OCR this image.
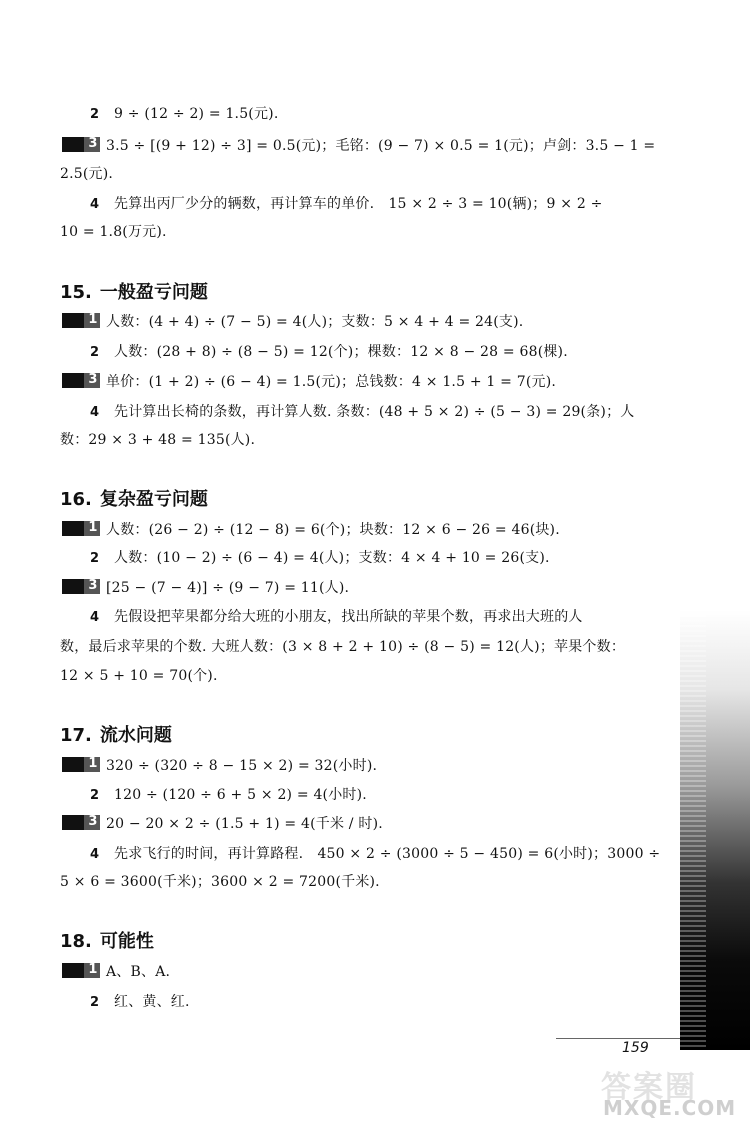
2 9 ÷ (12 ÷ 2) = 1.5(元).
3 3.5 ÷ [(9 + 12) ÷ 3] = 0.5(元)；毛铭：(9 − 7) × 0.5 = 1(元)；卢剑：3.5 − 1 =
2.5(元).
4 先算出丙厂少分的辆数，再计算车的单价.　15 × 2 ÷ 3 = 10(辆)；9 × 2 ÷
10 = 1.8(万元).
15. 一般盈亏问题
1 人数：(4 + 4) ÷ (7 − 5) = 4(人)；支数：5 × 4 + 4 = 24(支).
2 人数：(28 + 8) ÷ (8 − 5) = 12(个)；棵数：12 × 8 − 28 = 68(棵).
3 单价：(1 + 2) ÷ (6 − 4) = 1.5(元)；总钱数：4 × 1.5 + 1 = 7(元).
4 先计算出长椅的条数，再计算人数. 条数：(48 + 5 × 2) ÷ (5 − 3) = 29(条)；人
数：29 × 3 + 48 = 135(人).
16. 复杂盈亏问题
1 人数：(26 − 2) ÷ (12 − 8) = 6(个)；块数：12 × 6 − 26 = 46(块).
2 人数：(10 − 2) ÷ (6 − 4) = 4(人)；支数：4 × 4 + 10 = 26(支).
3 [25 − (7 − 4)] ÷ (9 − 7) = 11(人).
4 先假设把苹果都分给大班的小朋友，找出所缺的苹果个数，再求出大班的人
数，最后求苹果的个数. 大班人数：(3 × 8 + 2 + 10) ÷ (8 − 5) = 12(人)；苹果个数：
12 × 5 + 10 = 70(个).
17. 流水问题
1 320 ÷ (320 ÷ 8 − 15 × 2) = 32(小时).
2 120 ÷ (120 ÷ 6 + 5 × 2) = 4(小时).
3 20 − 20 × 2 ÷ (1.5 + 1) = 4(千米 / 时).
4 先求飞行的时间，再计算路程.　450 × 2 ÷ (3000 ÷ 5 − 450) = 6(小时)；3000 ÷
5 × 6 = 3600(千米)；3600 × 2 = 7200(千米).
18. 可能性
1 A、B、A.
2 红、黄、红.
159
答案圈
MXQE.COM
